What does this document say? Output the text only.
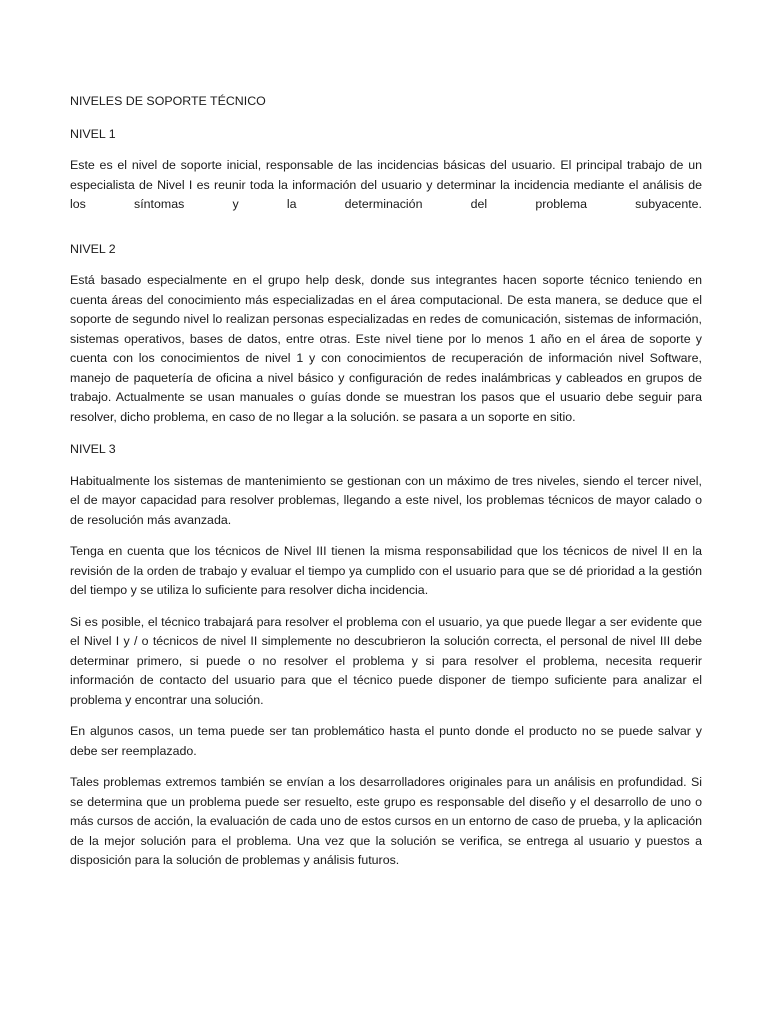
NIVELES DE SOPORTE TÉCNICO
NIVEL 1

Este es el nivel de soporte inicial, responsable de las incidencias básicas del usuario. El principal trabajo de un especialista de Nivel I es reunir toda la información del usuario y determinar la incidencia mediante el análisis de los síntomas y la determinación del problema subyacente.

NIVEL 2

Está basado especialmente en el grupo help desk, donde sus integrantes hacen soporte técnico teniendo en cuenta áreas del conocimiento más especializadas en el área computacional. De esta manera, se deduce que el soporte de segundo nivel lo realizan personas especializadas en redes de comunicación, sistemas de información, sistemas operativos, bases de datos, entre otras. Este nivel tiene por lo menos 1 año en el área de soporte y cuenta con los conocimientos de nivel 1 y con conocimientos de recuperación de información nivel Software, manejo de paquetería de oficina a nivel básico y configuración de redes inalámbricas y cableados en grupos de trabajo. Actualmente se usan manuales o guías donde se muestran los pasos que el usuario debe seguir para resolver, dicho problema, en caso de no llegar a la solución. se pasara a un soporte en sitio.

NIVEL 3

Habitualmente los sistemas de mantenimiento se gestionan con un máximo de tres niveles, siendo el tercer nivel, el de mayor capacidad para resolver problemas, llegando a este nivel, los problemas técnicos de mayor calado o de resolución más avanzada.

Tenga en cuenta que los técnicos de Nivel III tienen la misma responsabilidad que los técnicos de nivel II en la revisión de la orden de trabajo y evaluar el tiempo ya cumplido con el usuario para que se dé prioridad a la gestión del tiempo y se utiliza lo suficiente para resolver dicha incidencia.

Si es posible, el técnico trabajará para resolver el problema con el usuario, ya que puede llegar a ser evidente que el Nivel I y / o técnicos de nivel II simplemente no descubrieron la solución correcta, el personal de nivel III debe determinar primero, si puede o no resolver el problema y si para resolver el problema, necesita requerir información de contacto del usuario para que el técnico puede disponer de tiempo suficiente para analizar el problema y encontrar una solución.

En algunos casos, un tema puede ser tan problemático hasta el punto donde el producto no se puede salvar y debe ser reemplazado.

Tales problemas extremos también se envían a los desarrolladores originales para un análisis en profundidad. Si se determina que un problema puede ser resuelto, este grupo es responsable del diseño y el desarrollo de uno o más cursos de acción, la evaluación de cada uno de estos cursos en un entorno de caso de prueba, y la aplicación de la mejor solución para el problema. Una vez que la solución se verifica, se entrega al usuario y puestos a disposición para la solución de problemas y análisis futuros.
